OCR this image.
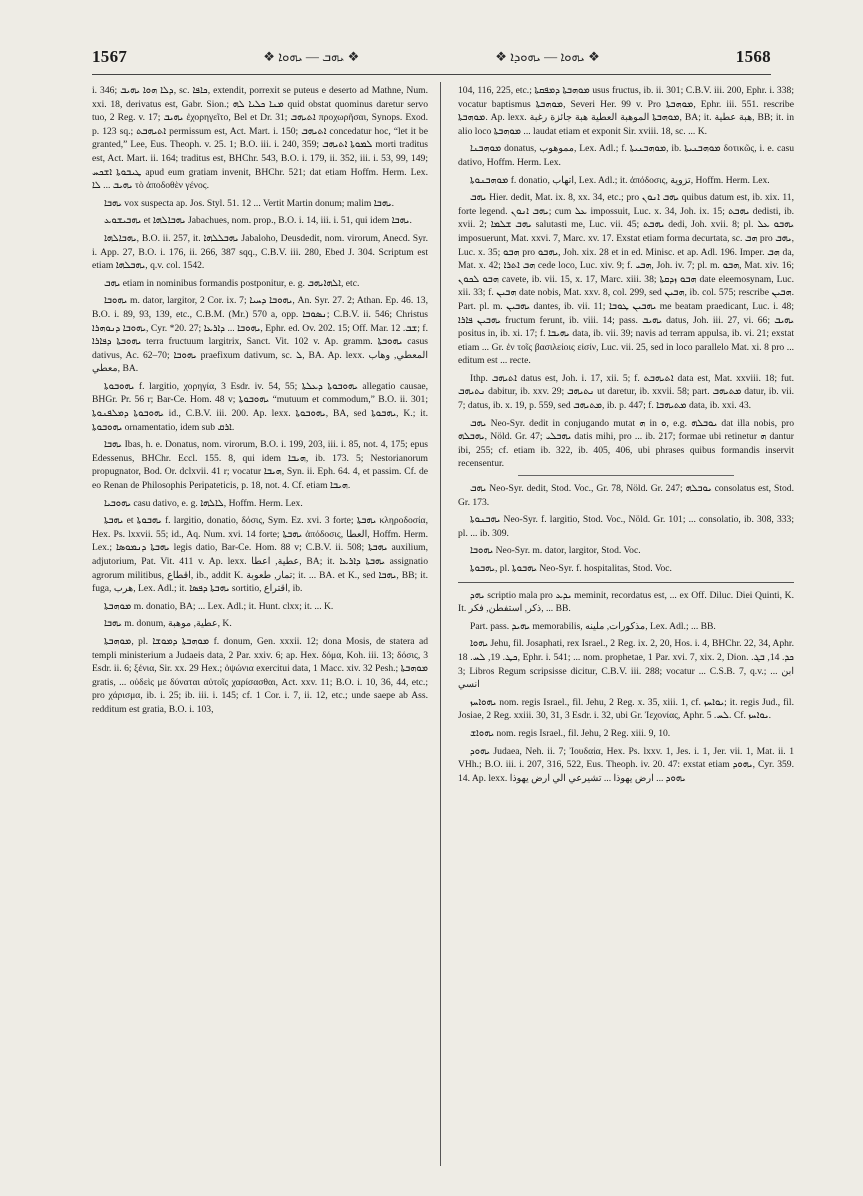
1567	❖ ܝܗܒ — ܝܗܘܐ ❖	❖ ܝܗܘܐ — ܝܗܘܕܐ ❖	1568

i. 346; ܕܠܐ ܗܘܐ ܝܗܝܒ, sc. ܟܐܦܐ, extendit, porrexit se puteus e deserto ad Mathne, Num. xxi. 18, derivatus est, Gabr. Sion.; ܡܢܐ ܟܠܝܐ ܠܗ quid obstat quominus daretur servo tuo, 2 Reg. v. 17; ܝܗܝܒ ἐχορηγεῖτο, Bel et Dr. 31; ܐܬܝܗܒ προχωρῆσαι, Synops. Exod. p. 123 sq.; ܐܬܝܗܒܬ permissum est, Act. Mart. i. 150; ܐܬܝܗܒ concedatur hoc, “let it be granted,” Lee, Eus. Theoph. v. 25. 1; B.O. iii. i. 240, 359; ܠܡܘܬܐ ܐܬܝܗܒ morti traditus est, Act. Mart. ii. 164; traditus est, BHChr. 543, B.O. i. 179, ii. 352, iii. i. 53, 99, 149; ܛܝܒܘܬܐ ܐܫܟܚ apud eum gratiam invenit, BHChr. 521; dat etiam Hoffm. Herm. Lex. ܝܗܝܒ ... ܠܐ τὸ ἀποδοθὲν γένος.

ܝܗܒܐ vox suspecta ap. Jos. Styl. 51. 12 ... Vertit Martin donum; malim ܝܗܒܐ.

ܝܗܒܝܫܘܥ et ܝܗܒܐܠܗܐ Jabachues, nom. prop., B.O. i. 14, iii. i. 51, qui idem ܝܗܒܐ.

ܝܗܒܐܠܗܐ, B.O. ii. 257, it. ܝܗܒܠܠܗܐ Jabaloho, Deusdedit, nom. virorum, Anecd. Syr. i. App. 27, B.O. i. 176, ii. 266, 387 sqq., C.B.V. iii. 280, Ebed J. 304. Scriptum est etiam ܝܗܒܠܗܐ, q.v. col. 1542.

ܝܗܒ etiam in nominibus formandis postponitur, e. g. ܐܠܗܐܝܗܒ, etc.

ܝܗܘܒܐ m. dator, largitor, 2 Cor. ix. 7; ܝܗܘܒܐ ܕܚܝܐ, An. Syr. 27. 2; Athan. Ep. 46. 13, B.O. i. 89, 93, 139, etc., C.B.M. (Mr.) 570 a, opp. ܢܣܘܒܐ; C.B.V. ii. 546; Christus ܝܗܘܒܐ ܕܢܘܗܪܐ, Cyr. *20. 27; ܝܗܘܒܐ ... ܕܐܪܥܐ, Ephr. ed. Ov. 202. 15; Off. Mar. ܫܒ. 12; f. ܝܗܘܒܬܐ ܕܦܐܪܐ terra fructuum largitrix, Sanct. Vit. 102 v. Ap. gramm. ܝܗܘܒܬܐ casus dativus, Ac. 62–70; ܝܗܘܒܐ praefixum dativum, sc. ܠ, BA. Ap. lexx. المعطي, وهاب معطي, BA.

ܝܗܘܒܘܬܐ f. largitio, χορηγία, 3 Esdr. iv. 54, 55; ܝܗܘܒܘܬܐ ܕܥܠܬܐ allegatio causae, BHGr. Pr. 56 r; Bar-Ce. Hom. 48 v; ܝܗܘܒܘܬܐ “mutuum et commodum,” B.O. ii. 301; ܝܗܘܒܘܬܐ ܕܡܠܦܢܘܬܐ id., C.B.V. iii. 200. Ap. lexx. ܝܗܘܒܘܬܐ, BA, sed ܝܗܒܘܬܐ, K.; it. ܝܗܘܒܘܬܐ ornamentatio, idem sub ܐܪܩ.

ܝܗܒܐ Ibas, h. e. Donatus, nom. virorum, B.O. i. 199, 203, iii. i. 85, not. 4, 175; epus Edessenus, BHChr. Eccl. 155. 8, qui idem ܗܝܒܐ, ib. 173. 5; Nestorianorum propugnator, Bod. Or. dclxvii. 41 r; vocatur ܗܝܒܐ, Syn. ii. Eph. 64. 4, et passim. Cf. de eo Renan de Philosophis Peripateticis, p. 18, not. 4. Cf. etiam ܗܝܒܐ.

ܝܗܘܒܝܐ casu dativo, e. g. ܠܐܠܗܐ, Hoffm. Herm. Lex.

ܝܗܒܬܐ et ܝܗܒܘܬܐ f. largitio, donatio, δόσις, Sym. Ez. xvi. 3 forte; ܝܗܒܬܐ κληροδοσία, Hex. Ps. lxxvii. 55; id., Aq. Num. xvi. 14 forte; ܝܗܒܬܐ ἀπόδοσις, العطا, Hoffm. Herm. Lex.; ܝܗܒܬܐ ܕܢܡܘܣܐ legis datio, Bar-Ce. Hom. 88 v; C.B.V. ii. 508; ܝܗܒܬܐ auxilium, adjutorium, Pat. Vit. 411 v. Ap. lexx. عطية, اعطا, BA; it. ܝܗܒܬܐ ܕܐܪܥܐ assignatio agrorum militibus, اقطاع, ib., addit K. تمار, طعوبة; it. ... BA. et K., sed ܝܗܒܐ, BB; it. fuga, هرب, Lex. Adl.; it. ܝܗܒܬܐ ܕܦܣܐ sortitio, اقتراع, ib.

ܡܘܗܒܬܐ m. donatio, BA; ... Lex. Adl.; it. Hunt. clxx; it. ... K.

ܝܗܒܐ m. donum, عطية, موهبة, K.

ܡܘܗܒܬܐ, pl. ܡܘܗܒܬܐ ܕܡܘܫܐ f. donum, Gen. xxxii. 12; dona Mosis, de statera ad templi ministerium a Judaeis data, 2 Par. xxiv. 6; ap. Hex. δόμα, Koh. iii. 13; δόσις, 3 Esdr. ii. 6; ξένια, Sir. xx. 29 Hex.; ὀψώνια exercitui data, 1 Macc. xiv. 32 Pesh.; ܡܘܗܒܬܐ gratis, ... οὐδεὶς με δύναται αὐτοῖς χαρίσασθαι, Act. xxv. 11; B.O. i. 10, 36, 44, etc.; pro χάρισμα, ib. i. 25; ib. iii. i. 145; cf. 1 Cor. i. 7, ii. 12, etc.; unde saepe ab Ass. redditum est gratia, B.O. i. 103,

104, 116, 225, etc.; ܡܘܗܒܬܐ ܕܡܦܩܬܐ usus fructus, ib. ii. 301; C.B.V. iii. 200, Ephr. i. 338; vocatur baptismus ܡܘܗܒܬܐ, Severi Her. 99 v. Pro ܡܘܗܒܬܐ, Ephr. iii. 551. rescribe ܡܘܗܒܬܐ. Ap. lexx. ܡܘܗܒܬܐ الموهبة العطية هبة جائزة رغبة, BA; it. هبة عطية, BB; it. in alio loco ܡܘܗܒܬܐ ... laudat etiam et exponit Sir. xviii. 18, sc. ... K.

ܡܘܗܒܢܐ donatus, مموهوب, Lex. Adl.; f. ܡܘܗܒܢܝܬܐ, ib. ܡܘܗܒܢܝܬܐ δοτικῶς, i. e. casu dativo, Hoffm. Herm. Lex.

ܡܘܗܒܢܘܬܐ f. donatio, اتهاب, Lex. Adl.; it. ἀπόδοσις, تزوية, Hoffm. Herm. Lex.

ܝܗܒ Hier. dedit, Mat. ix. 8, xx. 34, etc.; pro ܝܗܒ ܐܢܘܢ quibus datum est, ib. xix. 11, forte legend. ܝܗܒ ܐܢܘܢ; cum ܥܠ impossuit, Luc. x. 34, Joh. ix. 15; ܝܗܒܬ dedisti, ib. xvii. 2; ܝܗܒ ܫܠܡܐ salutasti me, Luc. vii. 45; ܝܗܒܬ dedi, Joh. xvii. 8; pl. ܝܗܒܘ ܥܠ imposuerunt, Mat. xxvi. 7, Marc. xv. 17. Exstat etiam forma decurtata, sc. ܗܒ pro ܝܗܒ, Luc. x. 35; ܗܒܘ pro ܝܗܒܘ, Joh. xix. 28 et in ed. Minisc. et ap. Adl. 196. Imper. ܗܒ da, Mat. x. 42; ܗܒ ܐܬܪܐ cede loco, Luc. xiv. 9; f. ܗܒܝ, Joh. iv. 7; pl. m. ܗܒܘ, Mat. xiv. 16; ܗܒܘ ܠܟܘܢ cavete, ib. vii. 15, x. 17, Marc. xiii. 38; ܗܒܘ ܙܕܩܬܐ date eleemosynam, Luc. xii. 33; f. ܗܒܝܢ date nobis, Mat. xxv. 8, col. 299, sed ܗܒܝܢ, ib. col. 575; rescribe ܗܒܝܢ. Part. pl. m. ܝܗܒܝܢ dantes, ib. vii. 11; ܝܗܒܝܢ ܛܘܒܐ me beatam praedicant, Luc. i. 48; ܝܗܒܝܢ ܦܐܪܐ fructum ferunt, ib. viii. 14; pass. ܝܗܝܒ datus, Joh. iii. 27, vi. 66; ܝܗܝܒ positus in, ib. xi. 17; f. ܝܗܝܒܐ data, ib. vii. 39; navis ad terram appulsa, ib. vi. 21; exstat etiam ... Gr. ἐν τοῖς βασιλείοις εἰσίν, Luc. vii. 25, sed in loco parallelo Mat. xi. 8 pro ... editum est ... recte.

Ithp. ܐܬܝܗܒ datus est, Joh. i. 17, xii. 5; f. ܐܬܝܗܒܬ data est, Mat. xxviii. 18; fut. ܢܬܝܗܒ dabitur, ib. xxv. 29; ܢܬܝܗܒ ut daretur, ib. xxvii. 58; part. ܡܬܝܗܒ datur, ib. vii. 7; datus, ib. x. 19, p. 559, sed ܡܬܝܗܒ, ib. p. 447; f. ܡܬܝܗܒܐ data, ib. xxi. 43.

ܝܗܒ Neo-Syr. dedit in conjugando mutat ܗ in ܘ, e.g. ܝܘܒܠܗ dat illa nobis, pro ܝܗܒܠܗ, Nöld. Gr. 47; ܝܗܒܠܝ datis mihi, pro ... ib. 217; formae ubi retinetur ܗ dantur ibi, 255; cf. etiam ib. 322, ib. 405, 406, ubi phrases quibus formandis inservit recensentur.

ܝܗܒ Neo-Syr. dedit, Stod. Voc., Gr. 78, Nöld. Gr. 247; ܝܘܒܠܗ consolatus est, Stod. Gr. 173.

ܝܗܒܢܘܬܐ Neo-Syr. f. largitio, Stod. Voc., Nöld. Gr. 101; ... consolatio, ib. 308, 333; pl. ... ib. 309.

ܝܗܘܒܐ Neo-Syr. m. dator, largitor, Stod. Voc.

ܝܗܒܘܬܐ, pl. ܝܗܒܘܬܐ Neo-Syr. f. hospitalitas, Stod. Voc.

ܝܗܕ scriptio mala pro ܝܕܥ meminit, recordatus est, ... ex Off. Diluc. Diei Quinti, K. It. ذكر, استفطن, فكر, ... BB.

Part. pass. ܝܗܝܕ memorabilis, مذكورات, ملينه, Lex. Adl.; ... BB.

ܝܗܘܐ Jehu, fil. Josaphati, rex Israel., 2 Reg. ix. 2, 20, Hos. i. 4, BHChr. 22, 34, Aphr. ܟܛ. 19, ܠܚ. 18, Ephr. i. 541; ... nom. prophetae, 1 Par. xvi. 7, xix. 2, Dion. ܟܕ. 14, ܒܓ. 3; Libros Regum scripsisse dicitur, C.B.V. iii. 288; vocatur ... C.S.B. 7, q.v.; ... ابن انسي

ܝܗܘܐܚܙ nom. regis Israel., fil. Jehu, 2 Reg. x. 35, xiii. 1, cf. ܝܘܐܚܙ; it. regis Jud., fil. Josiae, 2 Reg. xxiii. 30, 31, 3 Esdr. i. 32, ubi Gr. Ἰεχονίας, Aphr. ܠܚ. 5. Cf. ܝܘܐܚܙ.

ܝܗܘܐܫ nom. regis Israel., fil. Jehu, 2 Reg. xiii. 9, 10.

ܝܗܘܕ Judaea, Neh. ii. 7; Ἰουδαία, Hex. Ps. lxxv. 1, Jes. i. 1, Jer. vii. 1, Mat. ii. 1 VHh.; B.O. iii. i. 207, 316, 522, Eus. Theoph. iv. 20. 47: exstat etiam ܝܗܘܕ, Cyr. 359. 14. Ap. lexx. ܝܗܘܕ ... ارض يهوذا ... تشيرعي الي ارض يهوذا
